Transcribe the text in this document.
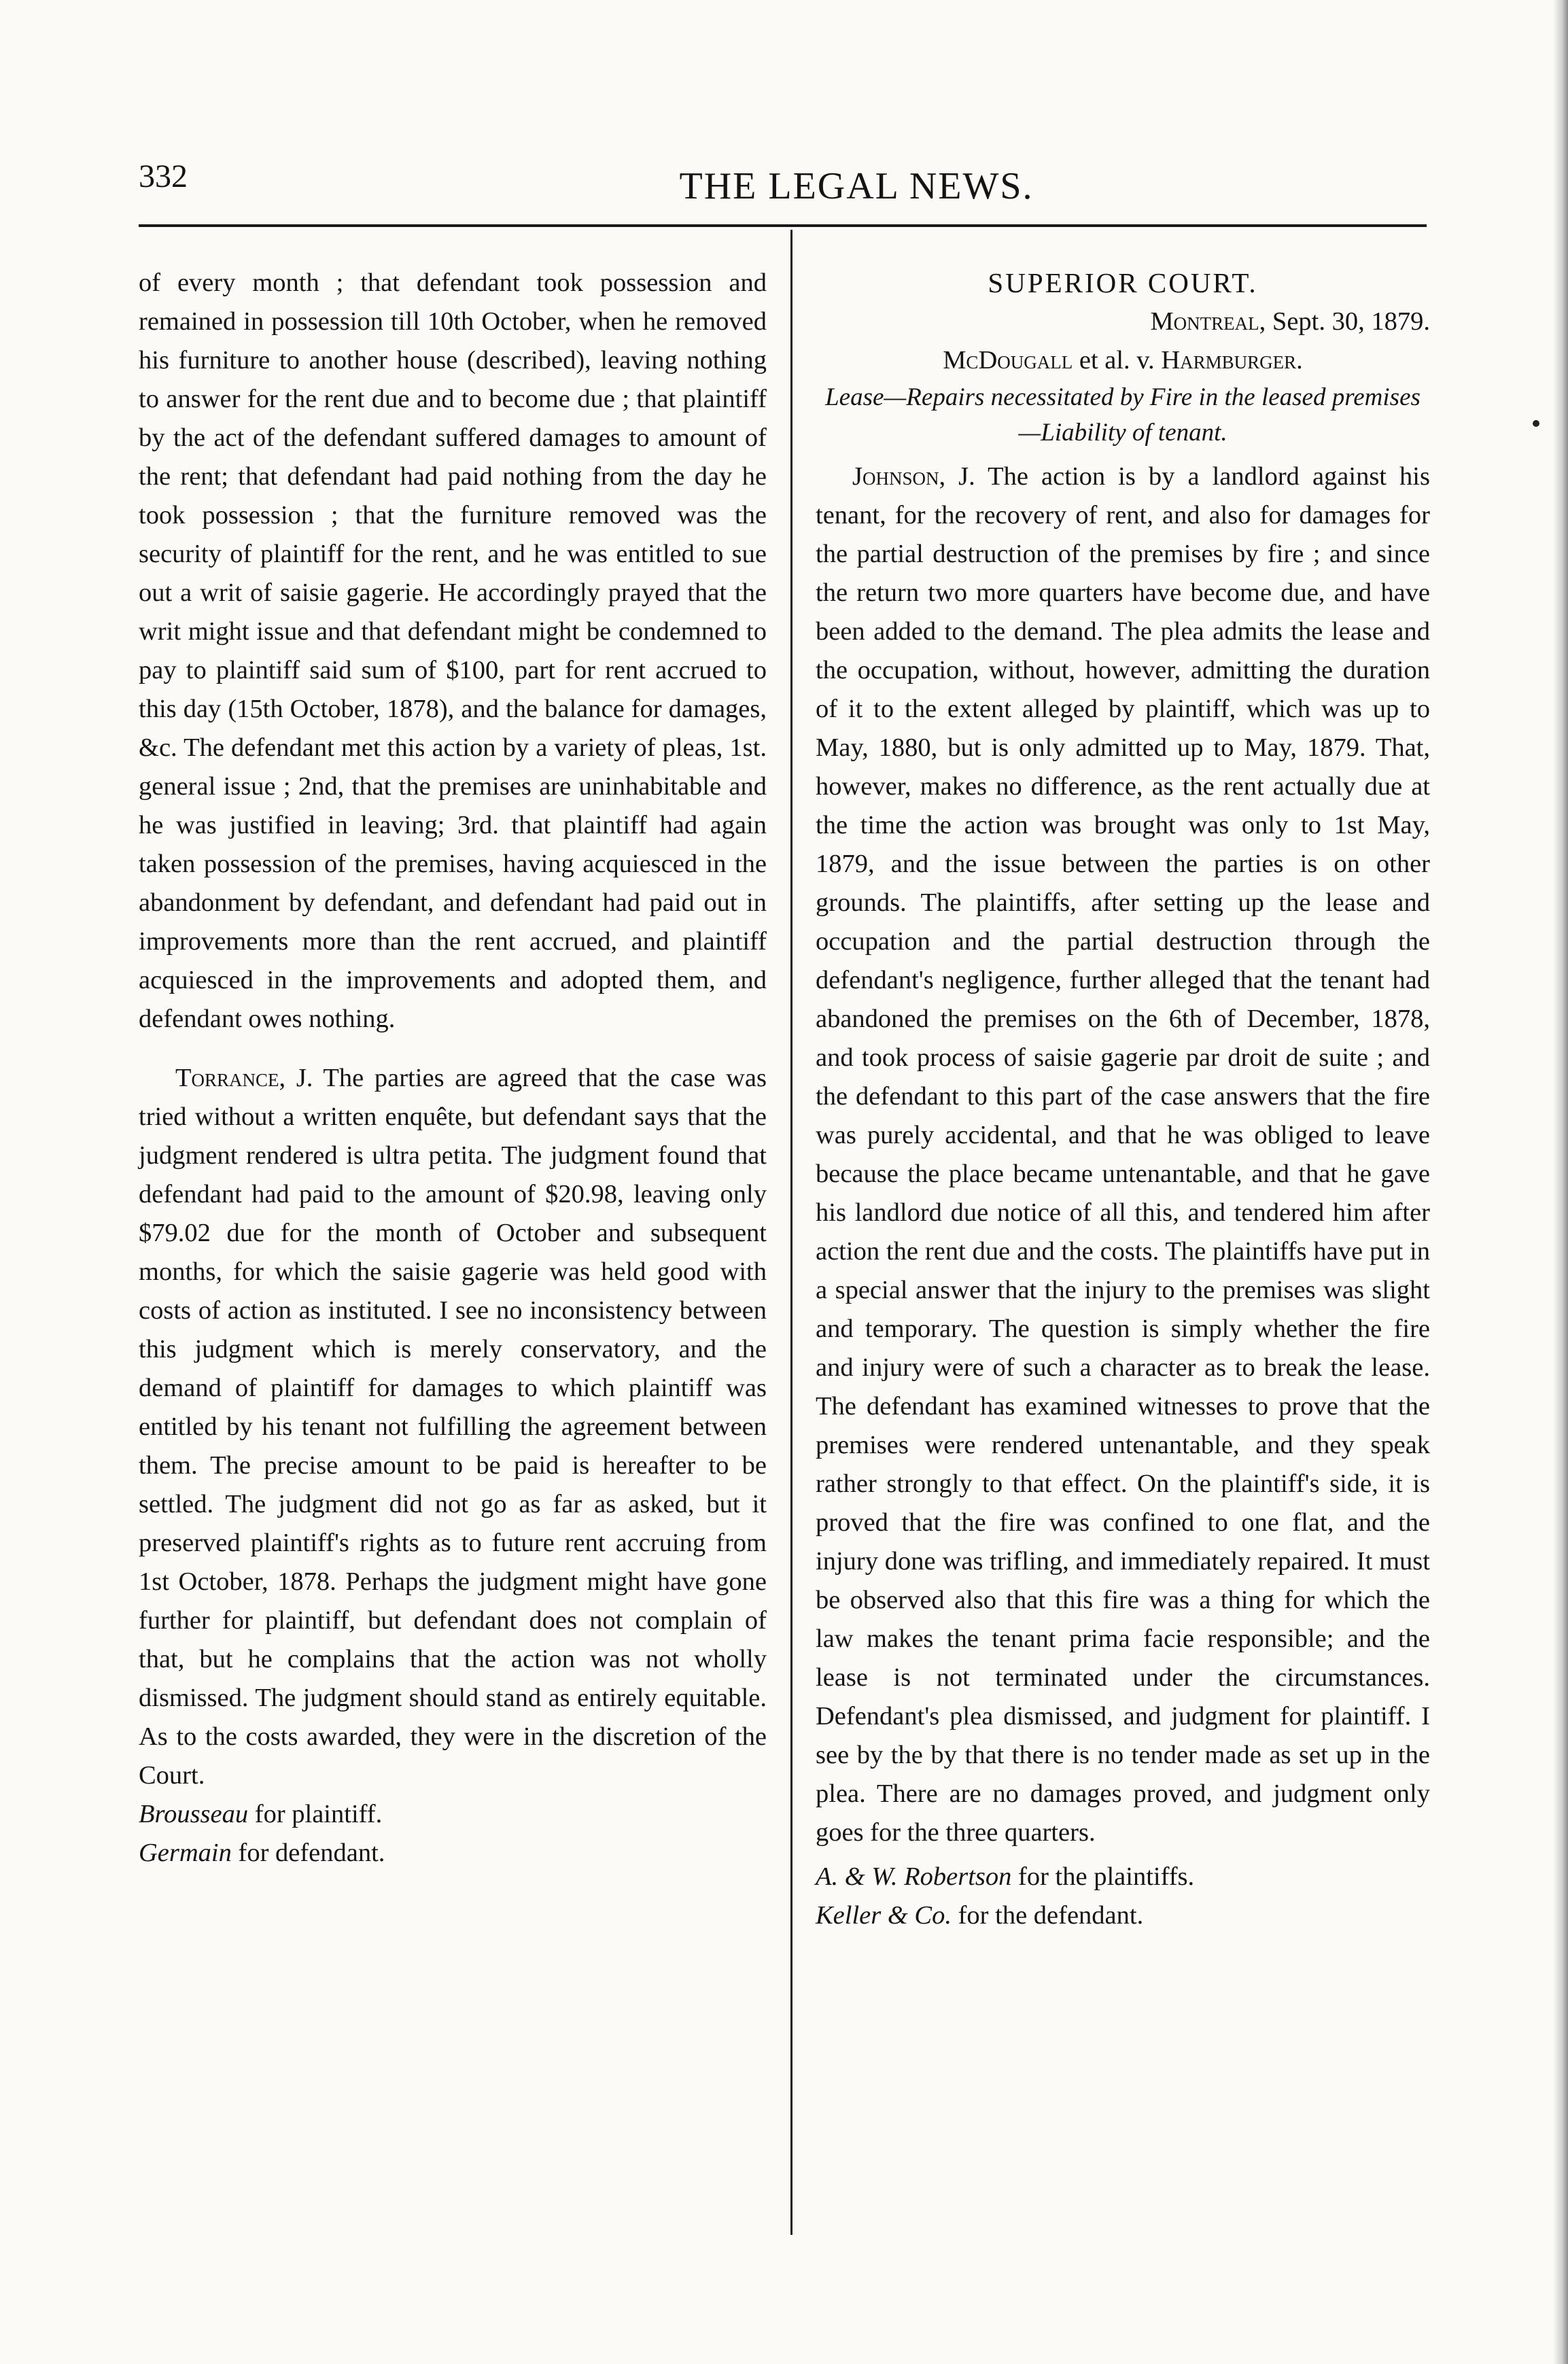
332	THE LEGAL NEWS.

of every month ; that defendant took possession and remained in possession till 10th October, when he removed his furniture to another house (described), leaving nothing to answer for the rent due and to become due ; that plaintiff by the act of the defendant suffered damages to amount of the rent; that defendant had paid nothing from the day he took possession ; that the furniture removed was the security of plaintiff for the rent, and he was entitled to sue out a writ of saisie gagerie. He accordingly prayed that the writ might issue and that defendant might be condemned to pay to plaintiff said sum of $100, part for rent accrued to this day (15th October, 1878), and the balance for damages, &c. The defendant met this action by a variety of pleas, 1st. general issue ; 2nd, that the premises are uninhabitable and he was justified in leaving; 3rd. that plaintiff had again taken possession of the premises, having acquiesced in the abandonment by defendant, and defendant had paid out in improvements more than the rent accrued, and plaintiff acquiesced in the improvements and adopted them, and defendant owes nothing.

Torrance, J. The parties are agreed that the case was tried without a written enquête, but defendant says that the judgment rendered is ultra petita. The judgment found that defendant had paid to the amount of $20.98, leaving only $79.02 due for the month of October and subsequent months, for which the saisie gagerie was held good with costs of action as instituted. I see no inconsistency between this judgment which is merely conservatory, and the demand of plaintiff for damages to which plaintiff was entitled by his tenant not fulfilling the agreement between them. The precise amount to be paid is hereafter to be settled. The judgment did not go as far as asked, but it preserved plaintiff's rights as to future rent accruing from 1st October, 1878. Perhaps the judgment might have gone further for plaintiff, but defendant does not complain of that, but he complains that the action was not wholly dismissed. The judgment should stand as entirely equitable. As to the costs awarded, they were in the discretion of the Court.

Brousseau for plaintiff.

Germain for defendant.

SUPERIOR COURT.

Montreal, Sept. 30, 1879.

McDougall et al. v. Harmburger.

Lease—Repairs necessitated by Fire in the leased premises—Liability of tenant.

Johnson, J. The action is by a landlord against his tenant, for the recovery of rent, and also for damages for the partial destruction of the premises by fire ; and since the return two more quarters have become due, and have been added to the demand. The plea admits the lease and the occupation, without, however, admitting the duration of it to the extent alleged by plaintiff, which was up to May, 1880, but is only admitted up to May, 1879. That, however, makes no difference, as the rent actually due at the time the action was brought was only to 1st May, 1879, and the issue between the parties is on other grounds. The plaintiffs, after setting up the lease and occupation and the partial destruction through the defendant's negligence, further alleged that the tenant had abandoned the premises on the 6th of December, 1878, and took process of saisie gagerie par droit de suite ; and the defendant to this part of the case answers that the fire was purely accidental, and that he was obliged to leave because the place became untenantable, and that he gave his landlord due notice of all this, and tendered him after action the rent due and the costs. The plaintiffs have put in a special answer that the injury to the premises was slight and temporary. The question is simply whether the fire and injury were of such a character as to break the lease. The defendant has examined witnesses to prove that the premises were rendered untenantable, and they speak rather strongly to that effect. On the plaintiff's side, it is proved that the fire was confined to one flat, and the injury done was trifling, and immediately repaired. It must be observed also that this fire was a thing for which the law makes the tenant prima facie responsible; and the lease is not terminated under the circumstances. Defendant's plea dismissed, and judgment for plaintiff. I see by the by that there is no tender made as set up in the plea. There are no damages proved, and judgment only goes for the three quarters.

A. & W. Robertson for the plaintiffs.

Keller & Co. for the defendant.
